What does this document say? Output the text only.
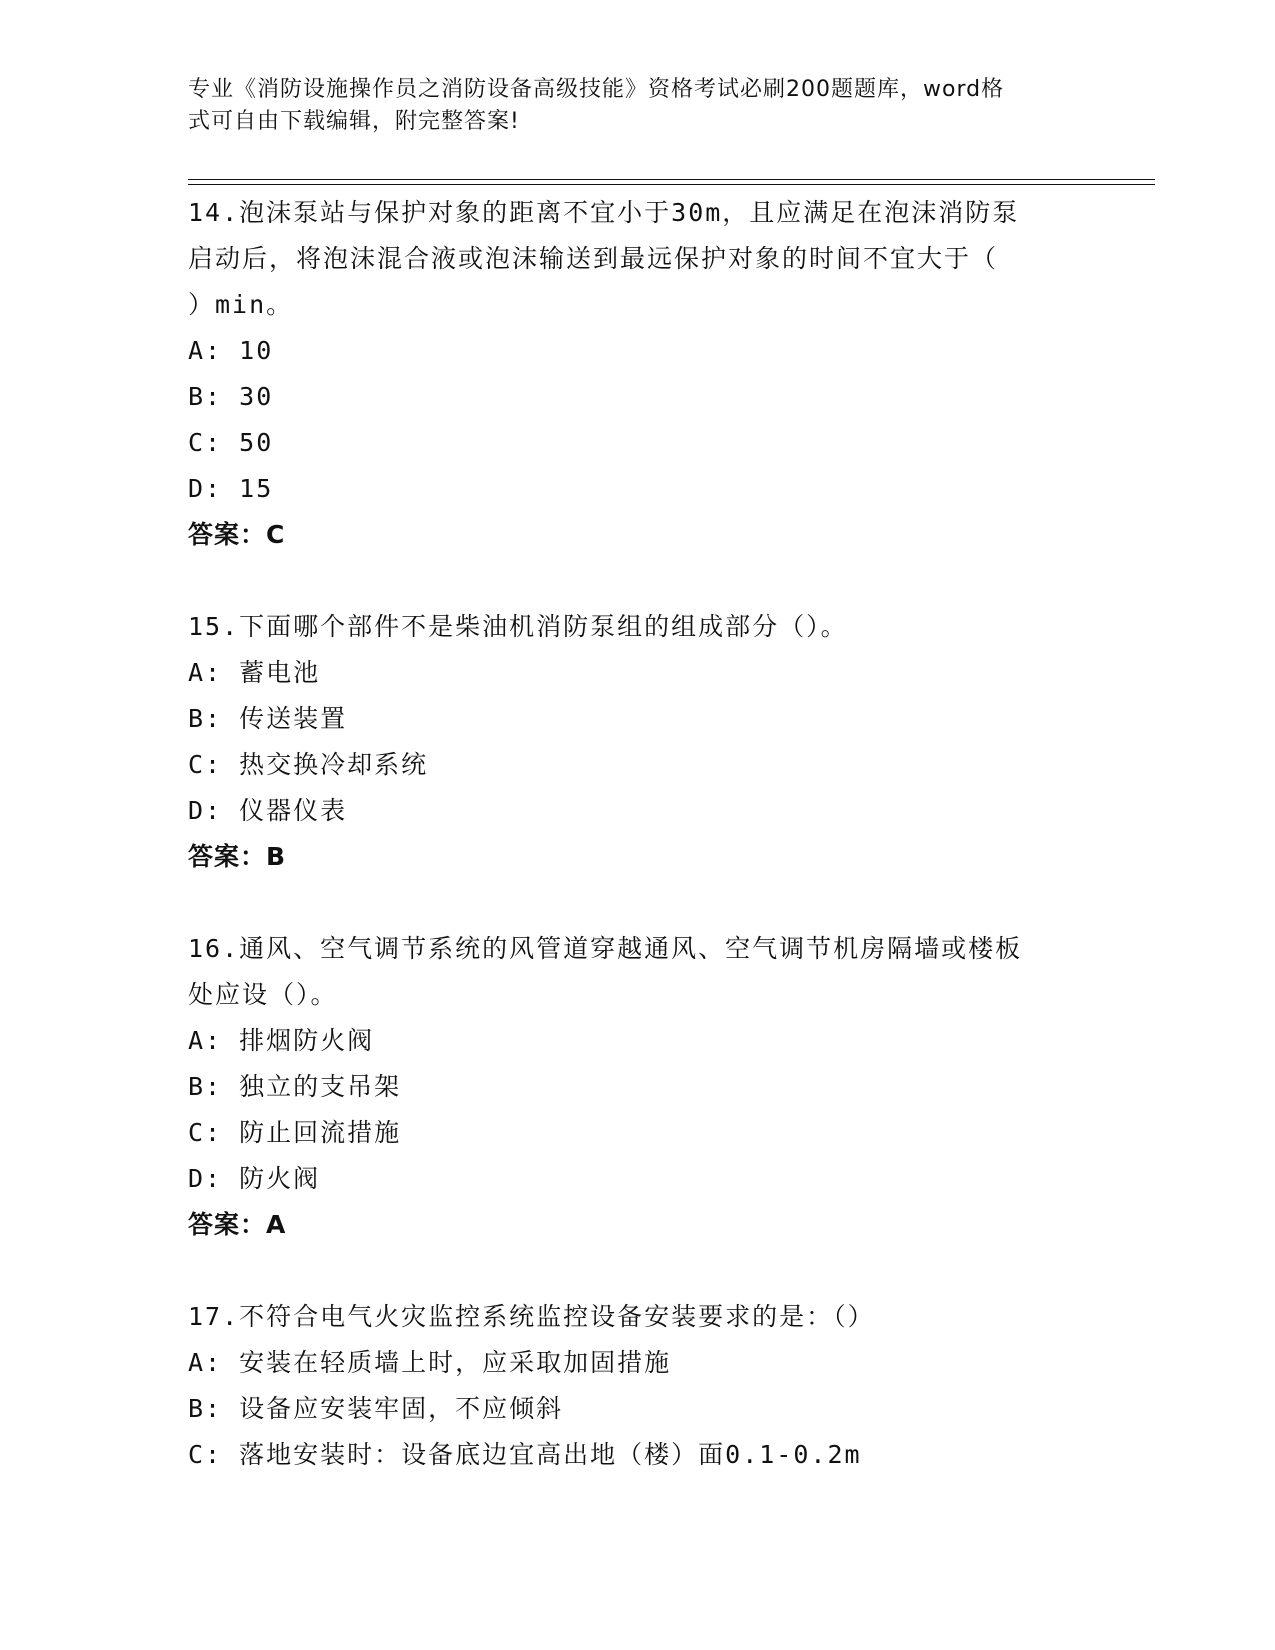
专业《消防设施操作员之消防设备高级技能》资格考试必刷200题题库，word格
式可自由下载编辑，附完整答案!
14.泡沫泵站与保护对象的距离不宜小于30m，且应满足在泡沫消防泵
启动后，将泡沫混合液或泡沫输送到最远保护对象的时间不宜大于（
）min。
A: 10
B: 30
C: 50
D: 15
答案：C
15.下面哪个部件不是柴油机消防泵组的组成部分（）。
A: 蓄电池
B: 传送装置
C: 热交换冷却系统
D: 仪器仪表
答案：B
16.通风、空气调节系统的风管道穿越通风、空气调节机房隔墙或楼板
处应设（）。
A: 排烟防火阀
B: 独立的支吊架
C: 防止回流措施
D: 防火阀
答案：A
17.不符合电气火灾监控系统监控设备安装要求的是：（）
A: 安装在轻质墙上时，应采取加固措施
B: 设备应安装牢固，不应倾斜
C: 落地安装时：设备底边宜高出地（楼）面0.1-0.2m
